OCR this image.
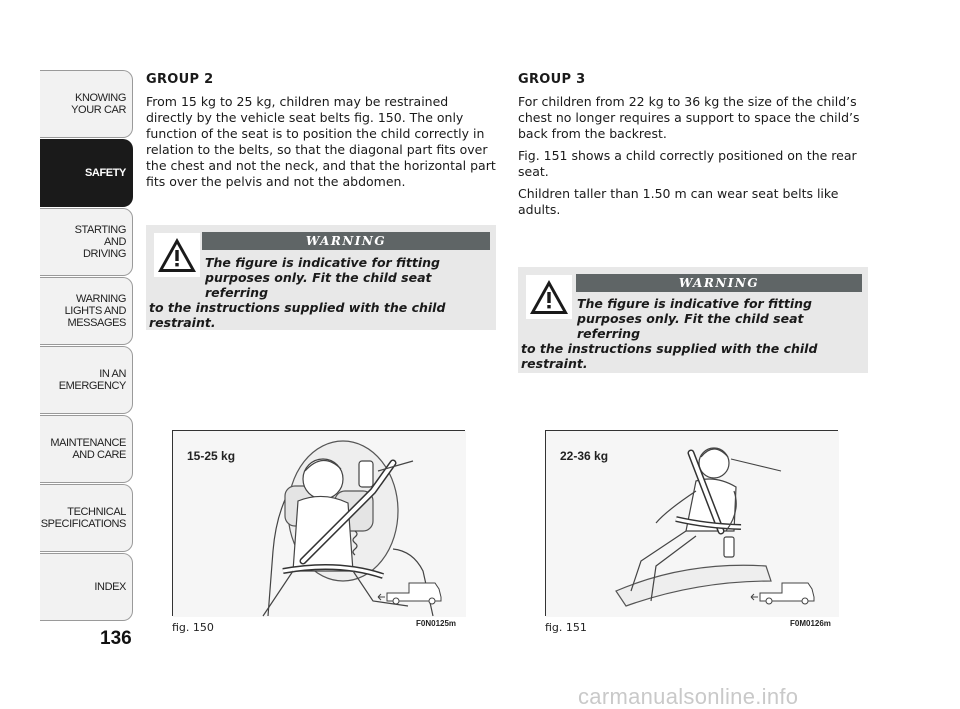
KNOWING
YOUR CAR
SAFETY
STARTING
AND
DRIVING
WARNING
LIGHTS AND
MESSAGES
IN AN
EMERGENCY
MAINTENANCE
AND CARE
TECHNICAL
SPECIFICATIONS
INDEX
136
GROUP 2

From 15 kg to 25 kg, children may be restrained directly by the vehicle seat belts fig. 150. The only function of the seat is to position the child correctly in relation to the belts, so that the diagonal part fits over the chest and not the neck, and that the horizontal part fits over the pelvis and not the abdomen.

WARNING
The figure is indicative for fitting purposes only. Fit the child seat referring
to the instructions supplied with the child restraint.
GROUP 3

For children from 22 kg to 36 kg the size of the child’s chest no longer requires a support to space the child’s back from the backrest.

Fig. 151 shows a child correctly positioned on the rear seat.

Children taller than 1.50 m can wear seat belts like adults.

WARNING
The figure is indicative for fitting purposes only. Fit the child seat referring
to the instructions supplied with the child restraint.
15-25 kg
fig. 150	F0N0125m
22-36 kg
fig. 151	F0M0126m
carmanualsonline.info
